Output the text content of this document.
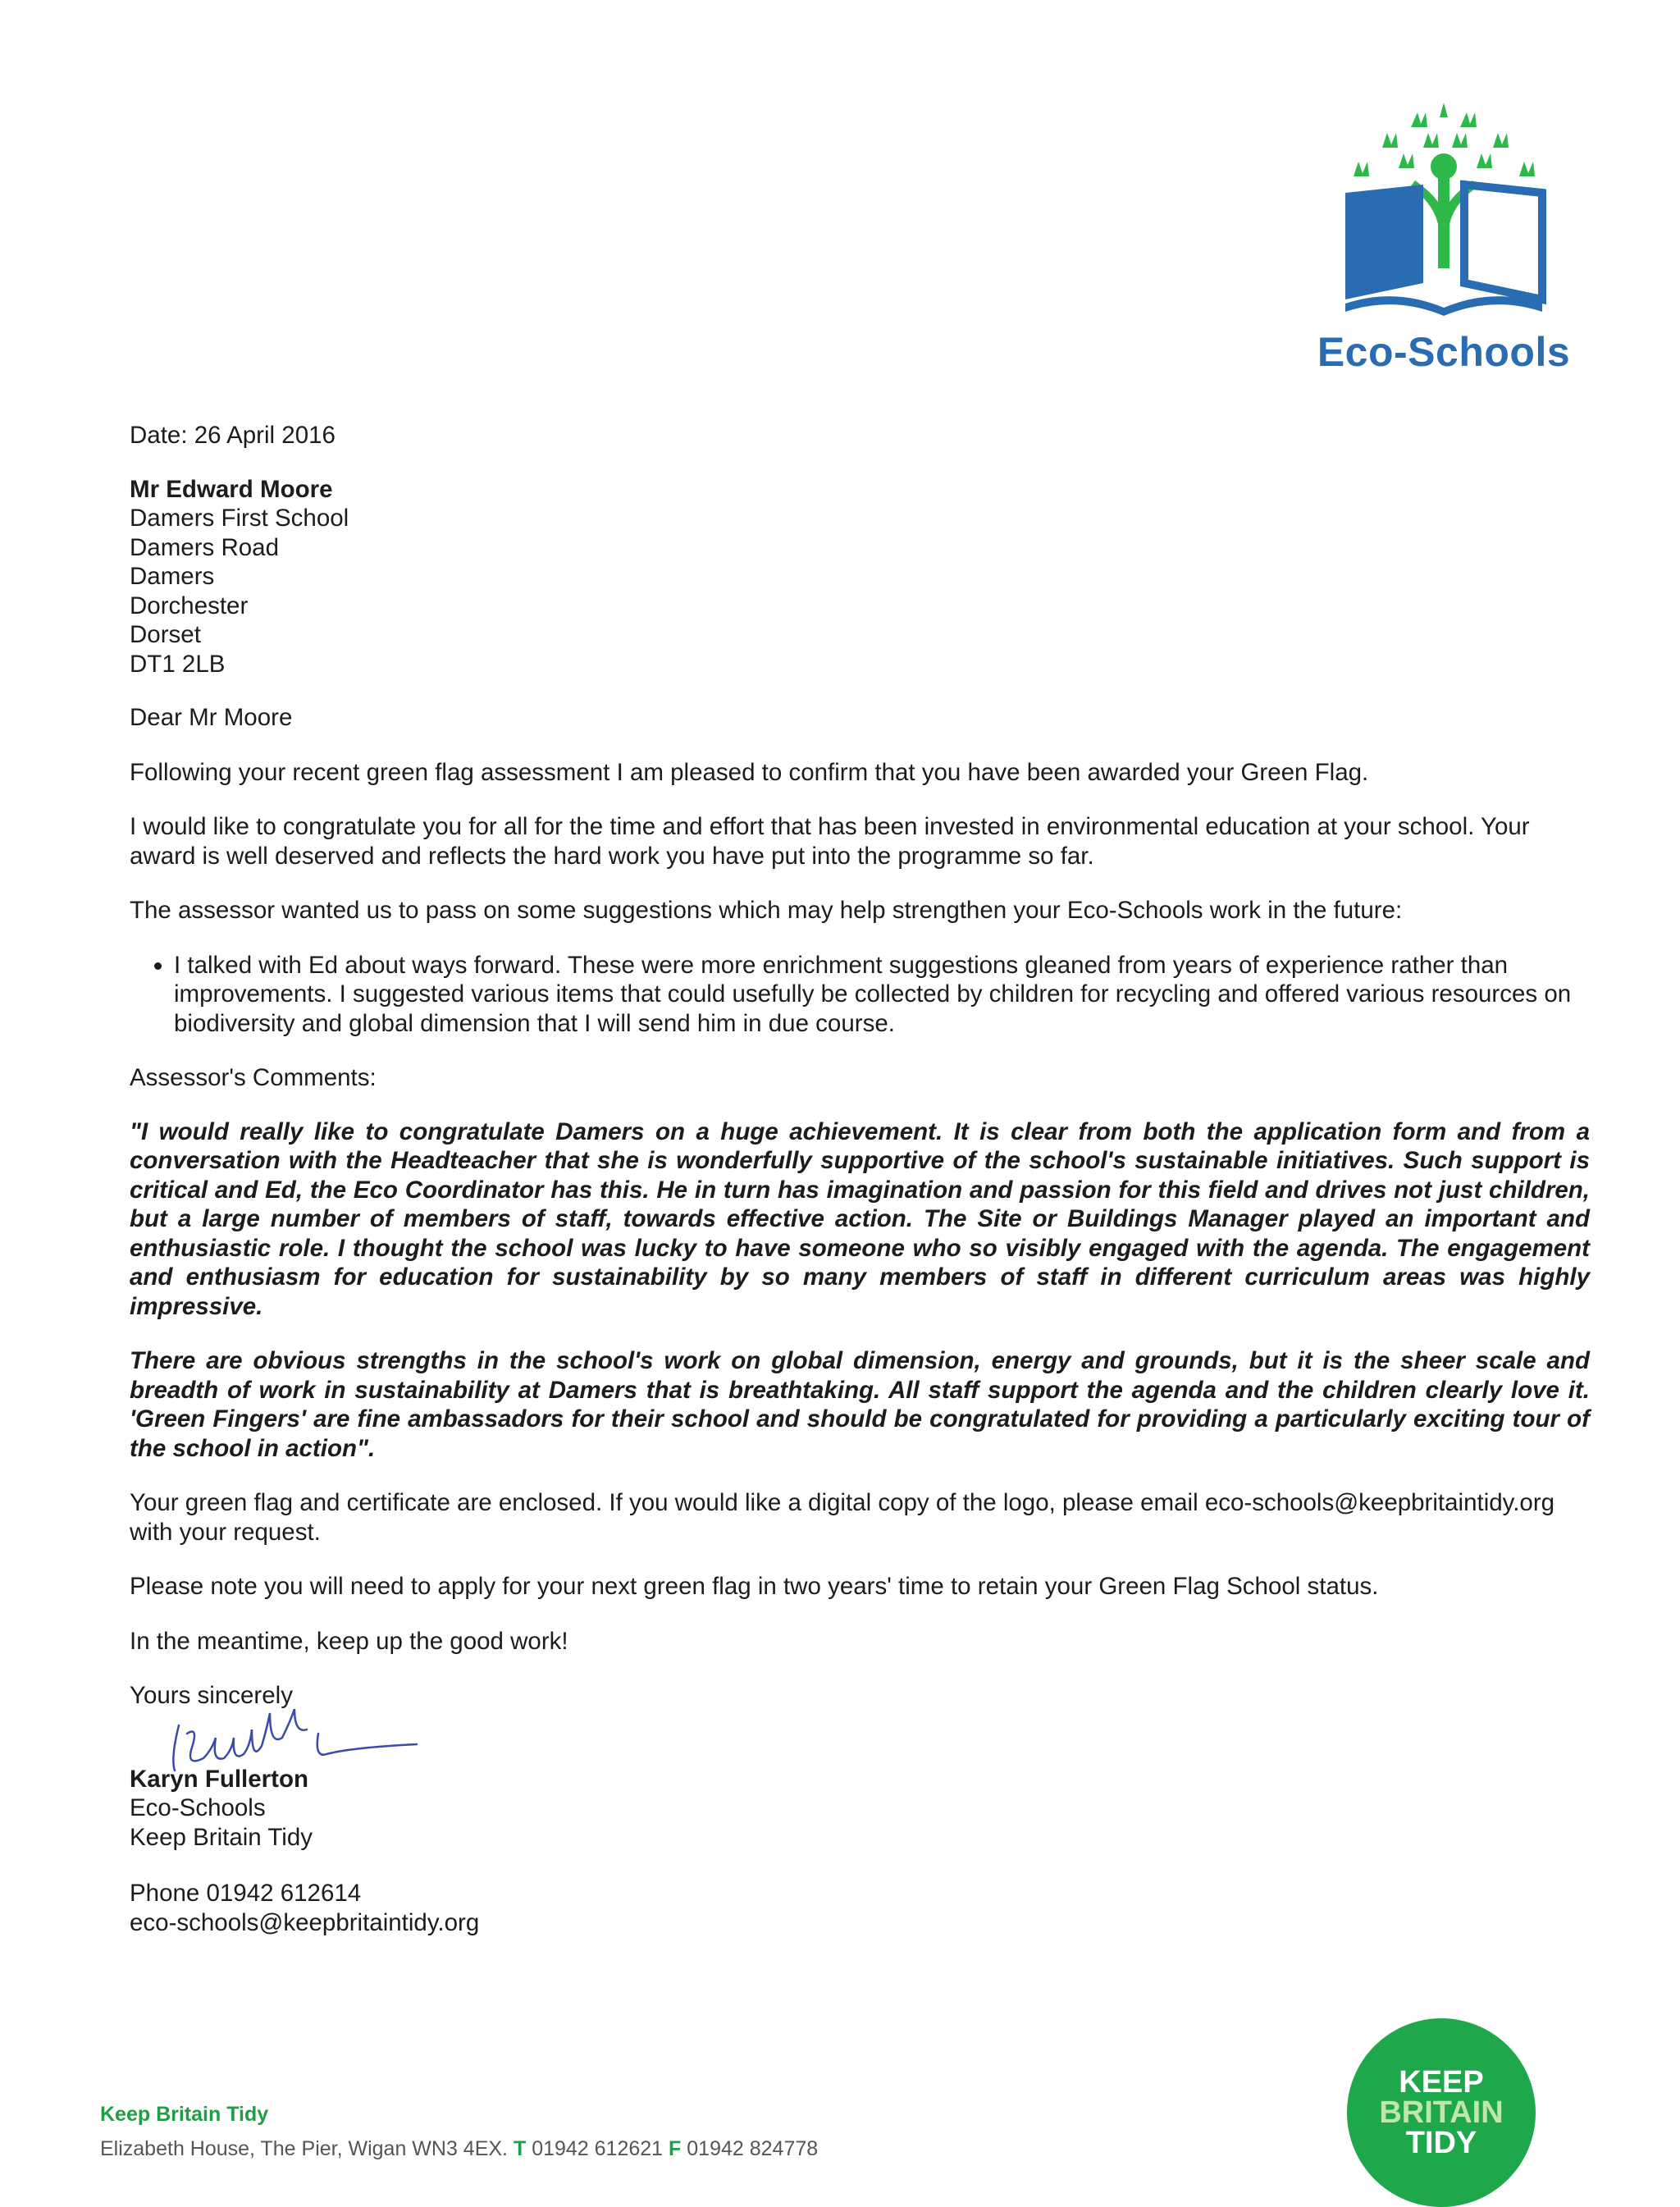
Eco-Schools

Date: 26 April 2016

Mr Edward Moore
Damers First School
Damers Road
Damers
Dorchester
Dorset
DT1 2LB

Dear Mr Moore

Following your recent green flag assessment I am pleased to confirm that you have been awarded your Green Flag.

I would like to congratulate you for all for the time and effort that has been invested in environmental education at your school. Your award is well deserved and reflects the hard work you have put into the programme so far.

The assessor wanted us to pass on some suggestions which may help strengthen your Eco-Schools work in the future:

• I talked with Ed about ways forward. These were more enrichment suggestions gleaned from years of experience rather than improvements. I suggested various items that could usefully be collected by children for recycling and offered various resources on biodiversity and global dimension that I will send him in due course.

Assessor's Comments:

"I would really like to congratulate Damers on a huge achievement. It is clear from both the application form and from a conversation with the Headteacher that she is wonderfully supportive of the school's sustainable initiatives. Such support is critical and Ed, the Eco Coordinator has this. He in turn has imagination and passion for this field and drives not just children, but a large number of members of staff, towards effective action. The Site or Buildings Manager played an important and enthusiastic role. I thought the school was lucky to have someone who so visibly engaged with the agenda. The engagement and enthusiasm for education for sustainability by so many members of staff in different curriculum areas was highly impressive.

There are obvious strengths in the school's work on global dimension, energy and grounds, but it is the sheer scale and breadth of work in sustainability at Damers that is breathtaking. All staff support the agenda and the children clearly love it. 'Green Fingers' are fine ambassadors for their school and should be congratulated for providing a particularly exciting tour of the school in action".

Your green flag and certificate are enclosed. If you would like a digital copy of the logo, please email eco-schools@keepbritaintidy.org with your request.

Please note you will need to apply for your next green flag in two years' time to retain your Green Flag School status.

In the meantime, keep up the good work!

Yours sincerely

Karyn Fullerton
Eco-Schools
Keep Britain Tidy

Phone 01942 612614
eco-schools@keepbritaintidy.org

Keep Britain Tidy
Elizabeth House, The Pier, Wigan WN3 4EX. T 01942 612621 F 01942 824778
KEEP
BRITAIN
TIDY
